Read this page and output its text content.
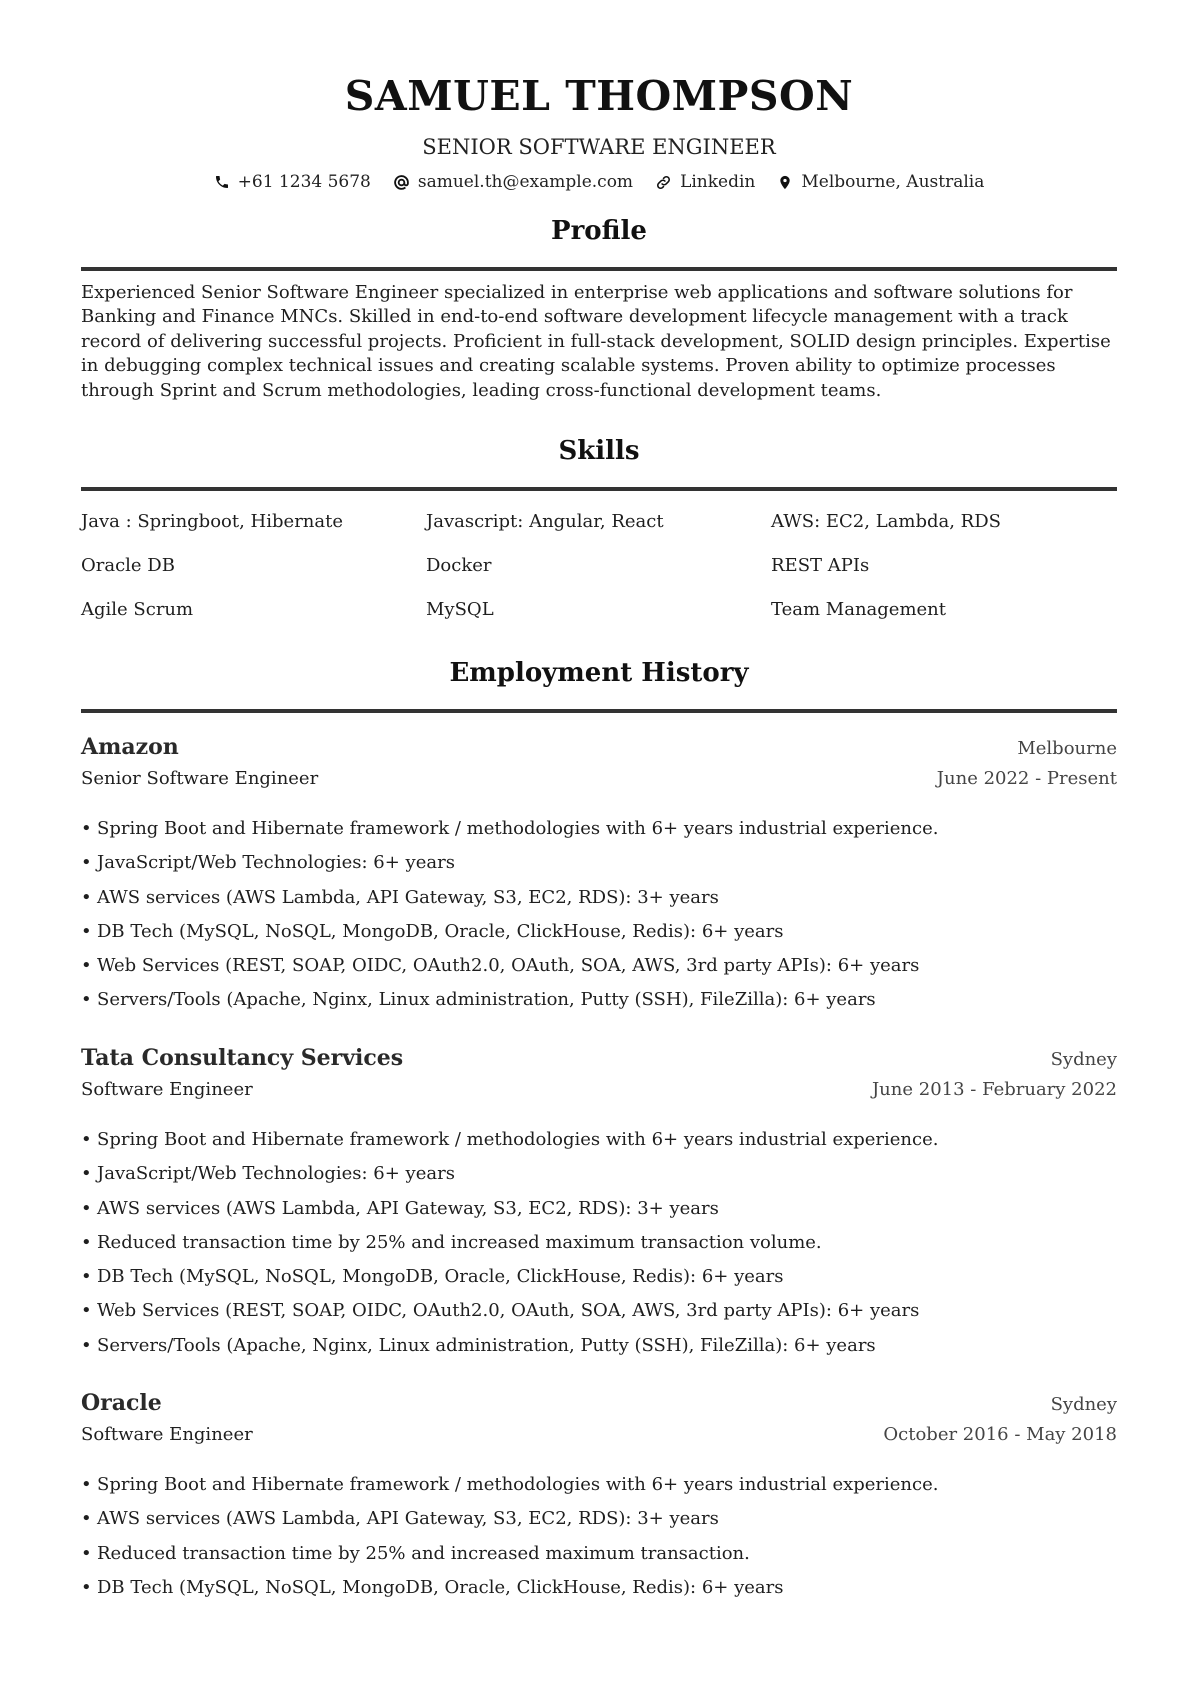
SAMUEL THOMPSON
SENIOR SOFTWARE ENGINEER
+61 1234 5678	samuel.th@example.com	Linkedin	Melbourne, Australia
Profile
Experienced Senior Software Engineer specialized in enterprise web applications and software solutions for Banking and Finance MNCs. Skilled in end-to-end software development lifecycle management with a track record of delivering successful projects. Proficient in full-stack development, SOLID design principles. Expertise in debugging complex technical issues and creating scalable systems. Proven ability to optimize processes through Sprint and Scrum methodologies, leading cross-functional development teams.
Skills
Java : Springboot, Hibernate	Javascript: Angular, React	AWS: EC2, Lambda, RDS
Oracle DB	Docker	REST APIs
Agile Scrum	MySQL	Team Management
Employment History
Amazon	Melbourne
Senior Software Engineer	June 2022 - Present
• Spring Boot and Hibernate framework / methodologies with 6+ years industrial experience.
• JavaScript/Web Technologies: 6+ years
• AWS services (AWS Lambda, API Gateway, S3, EC2, RDS): 3+ years
• DB Tech (MySQL, NoSQL, MongoDB, Oracle, ClickHouse, Redis): 6+ years
• Web Services (REST, SOAP, OIDC, OAuth2.0, OAuth, SOA, AWS, 3rd party APIs): 6+ years
• Servers/Tools (Apache, Nginx, Linux administration, Putty (SSH), FileZilla): 6+ years
Tata Consultancy Services	Sydney
Software Engineer	June 2013 - February 2022
• Spring Boot and Hibernate framework / methodologies with 6+ years industrial experience.
• JavaScript/Web Technologies: 6+ years
• AWS services (AWS Lambda, API Gateway, S3, EC2, RDS): 3+ years
• Reduced transaction time by 25% and increased maximum transaction volume.
• DB Tech (MySQL, NoSQL, MongoDB, Oracle, ClickHouse, Redis): 6+ years
• Web Services (REST, SOAP, OIDC, OAuth2.0, OAuth, SOA, AWS, 3rd party APIs): 6+ years
• Servers/Tools (Apache, Nginx, Linux administration, Putty (SSH), FileZilla): 6+ years
Oracle	Sydney
Software Engineer	October 2016 - May 2018
• Spring Boot and Hibernate framework / methodologies with 6+ years industrial experience.
• AWS services (AWS Lambda, API Gateway, S3, EC2, RDS): 3+ years
• Reduced transaction time by 25% and increased maximum transaction.
• DB Tech (MySQL, NoSQL, MongoDB, Oracle, ClickHouse, Redis): 6+ years
